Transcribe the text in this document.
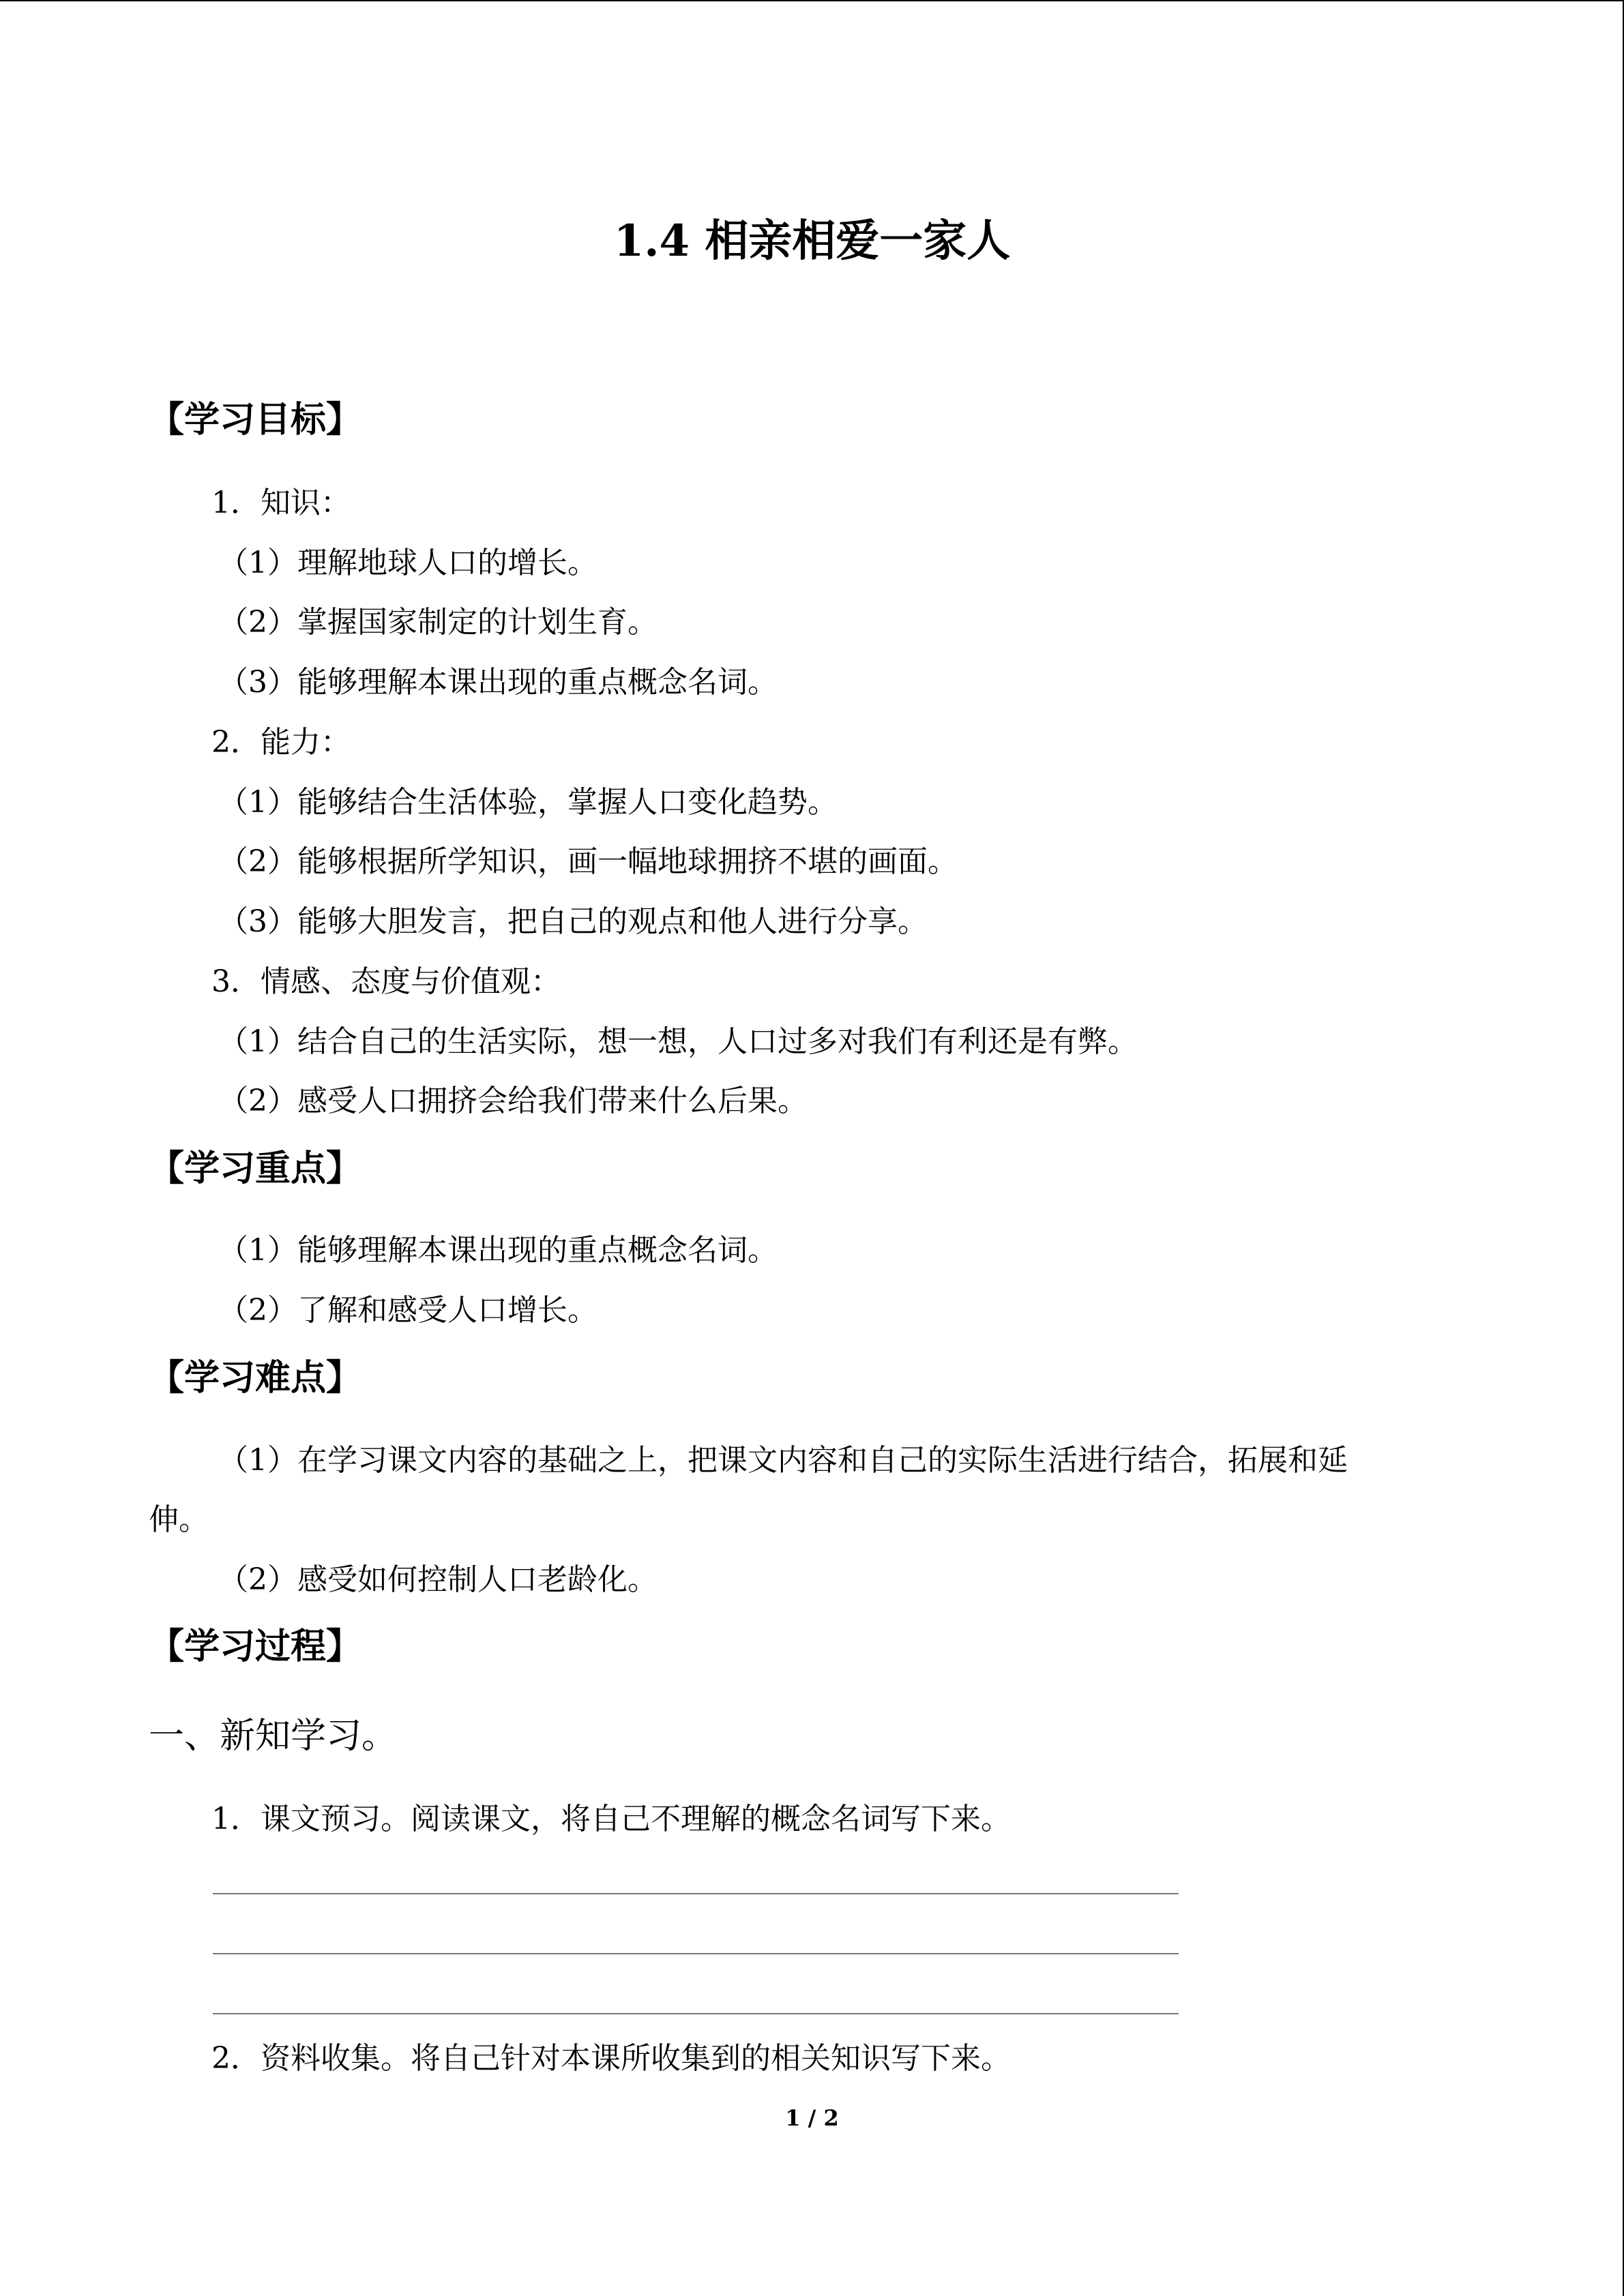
1.4 相亲相爱一家人
【学习目标】
1．知识：
（1）理解地球人口的增长。
（2）掌握国家制定的计划生育。
（3）能够理解本课出现的重点概念名词。
2．能力：
（1）能够结合生活体验，掌握人口变化趋势。
（2）能够根据所学知识，画一幅地球拥挤不堪的画面。
（3）能够大胆发言，把自己的观点和他人进行分享。
3．情感、态度与价值观：
（1）结合自己的生活实际，想一想，人口过多对我们有利还是有弊。
（2）感受人口拥挤会给我们带来什么后果。
【学习重点】
（1）能够理解本课出现的重点概念名词。
（2）了解和感受人口增长。
【学习难点】
（1）在学习课文内容的基础之上，把课文内容和自己的实际生活进行结合，拓展和延
伸。
（2）感受如何控制人口老龄化。
【学习过程】
一、新知学习。
1．课文预习。阅读课文，将自己不理解的概念名词写下来。
2．资料收集。将自己针对本课所收集到的相关知识写下来。
1 / 2
